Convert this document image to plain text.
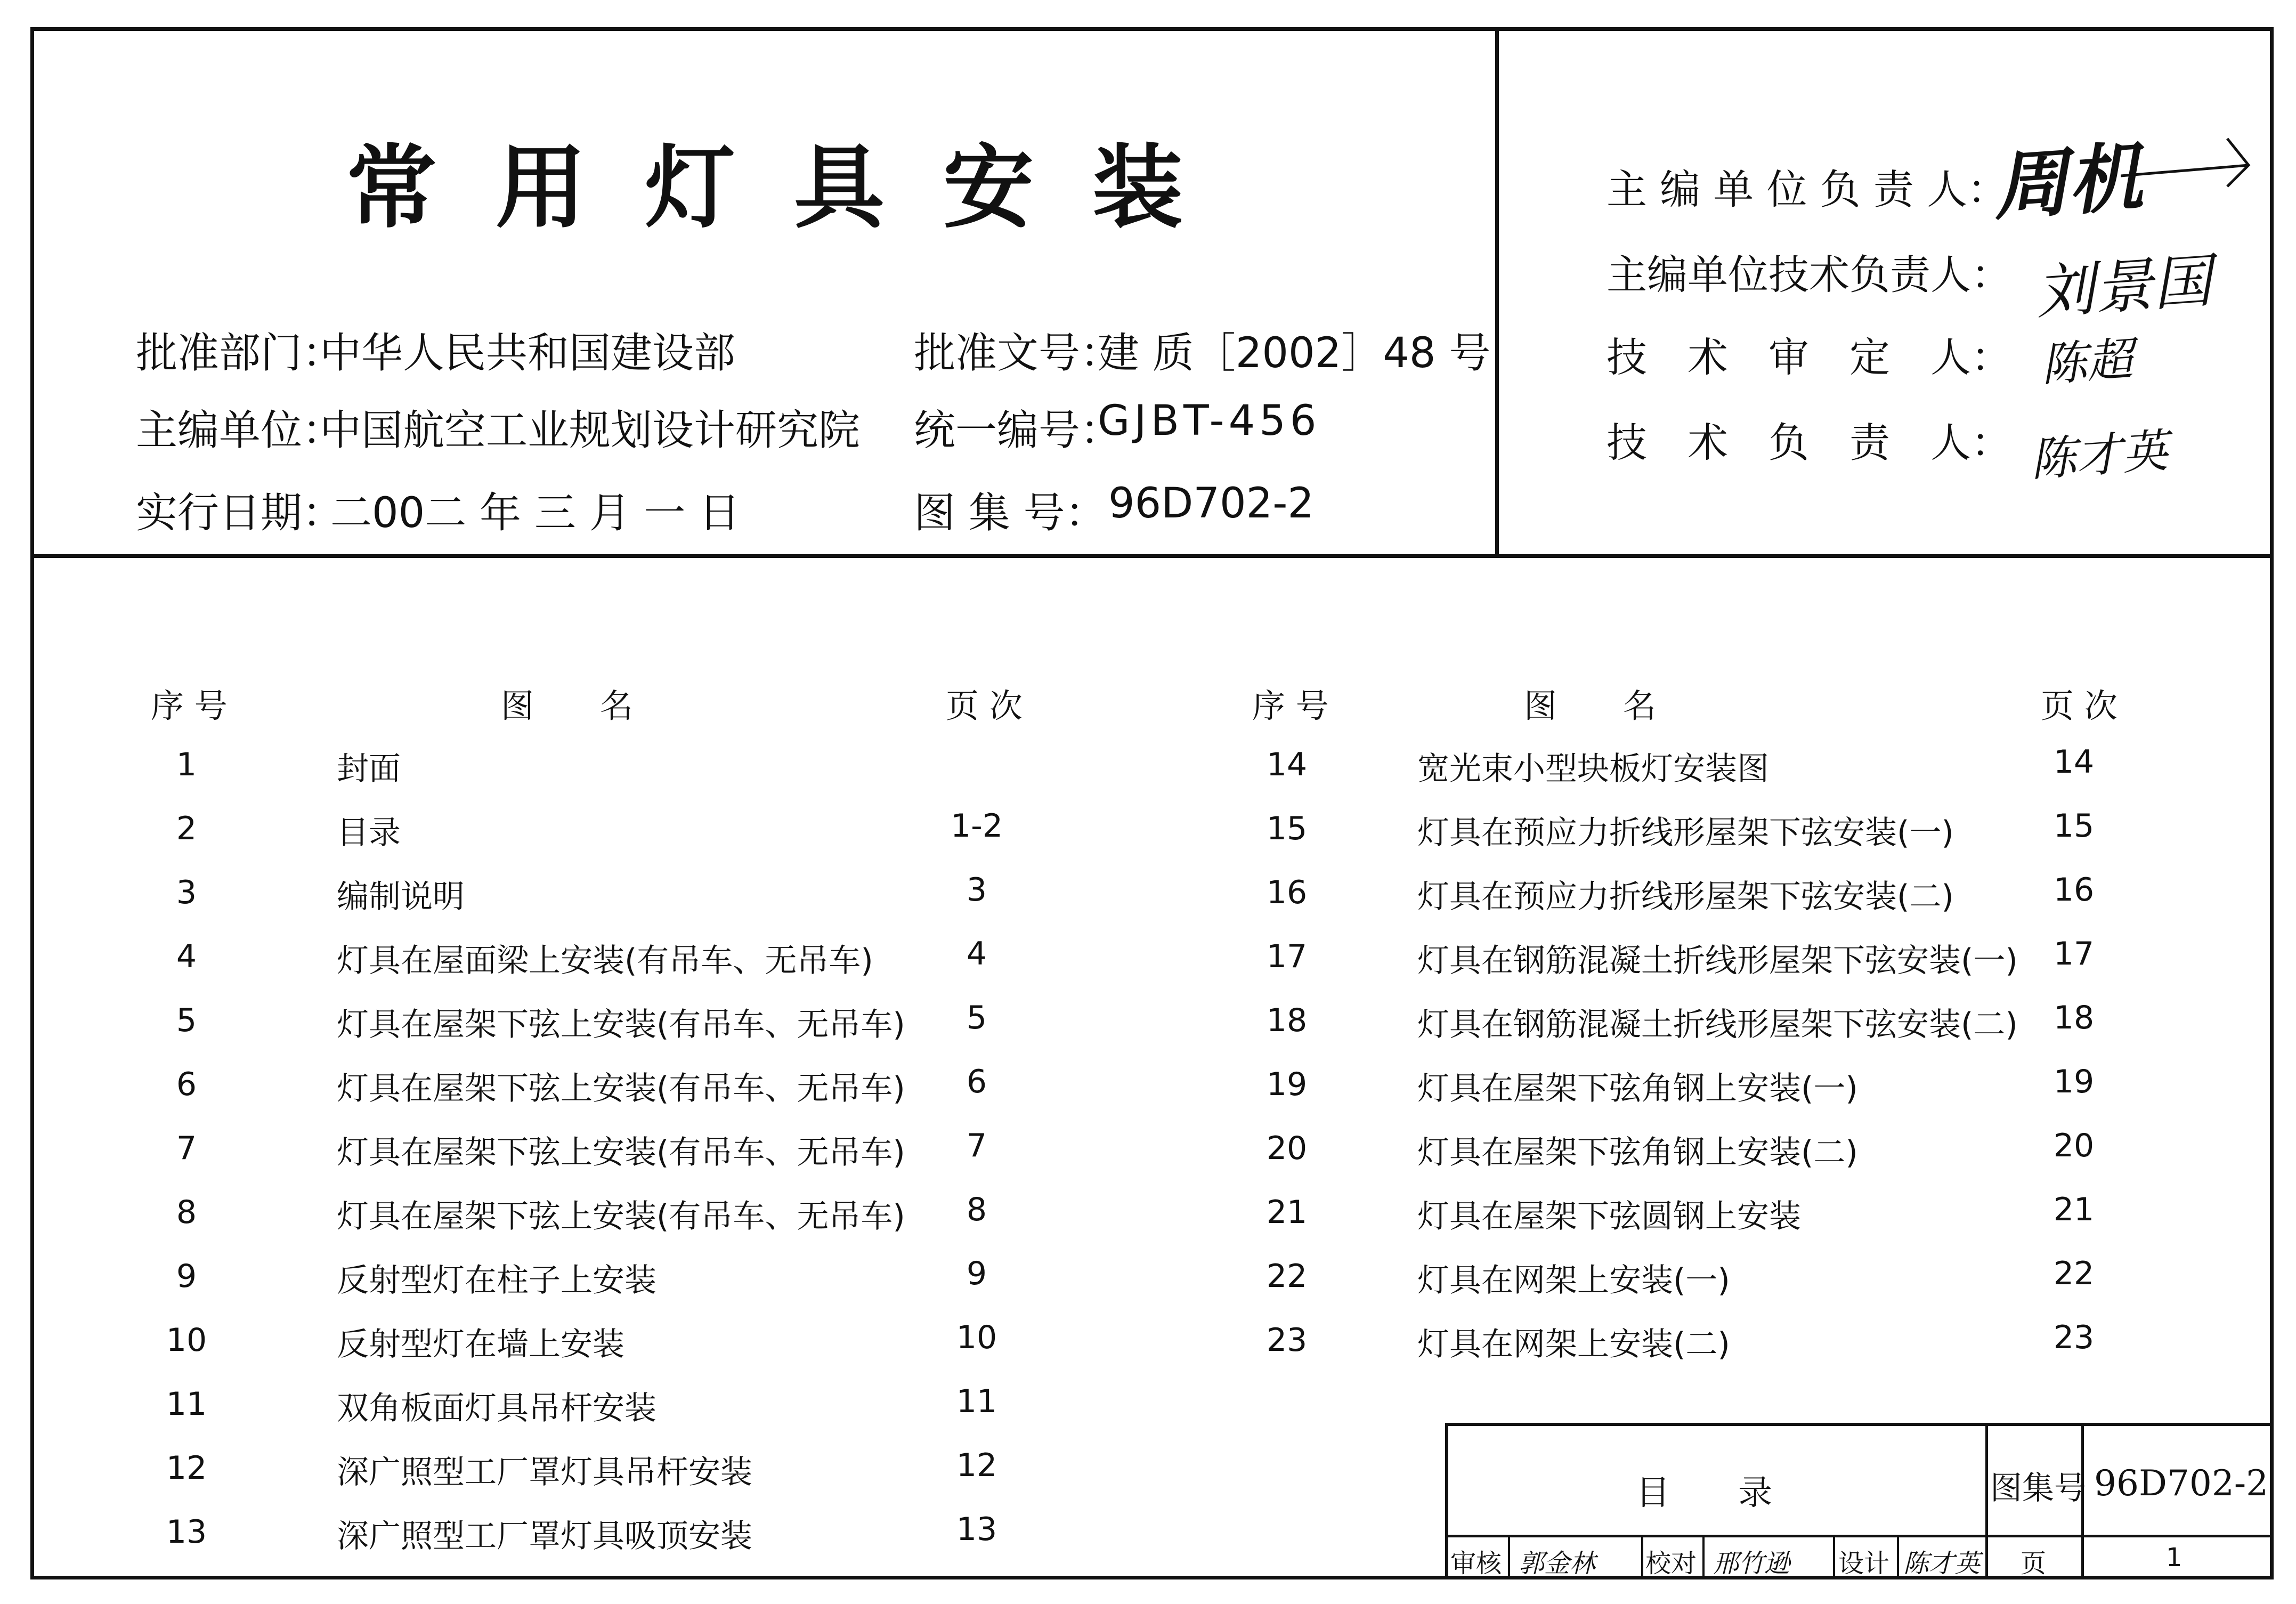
常用灯具安装
批准部门：
中华人民共和国建设部
主编单位：
中国航空工业规划设计研究院
实行日期：
二00二 年 三 月 一 日
批准文号：
建 质［2002］48 号
统一编号：
GJBT-456
图 集 号： 96D702-2
主 编 单 位 负 责 人：
周机
主编单位技术负责人： 刘景国
技　术　审　定　人： 陈超
技　术　负　责　人： 陈才英
序 号	图　　名	页 次	序 号	图　　名	页 次
1	封面
2	目录	1-2
3	编制说明	3
4	灯具在屋面梁上安装(有吊车、无吊车)	4
5	灯具在屋架下弦上安装(有吊车、无吊车)	5
6	灯具在屋架下弦上安装(有吊车、无吊车)	6
7	灯具在屋架下弦上安装(有吊车、无吊车)	7
8	灯具在屋架下弦上安装(有吊车、无吊车)	8
9	反射型灯在柱子上安装	9
10	反射型灯在墙上安装	10
11	双角板面灯具吊杆安装	11
12	深广照型工厂罩灯具吊杆安装	12
13	深广照型工厂罩灯具吸顶安装	13
14	宽光束小型块板灯安装图	14
15	灯具在预应力折线形屋架下弦安装(一)	15
16	灯具在预应力折线形屋架下弦安装(二)	16
17	灯具在钢筋混凝土折线形屋架下弦安装(一)	17
18	灯具在钢筋混凝土折线形屋架下弦安装(二)	18
19	灯具在屋架下弦角钢上安装(一)	19
20	灯具在屋架下弦角钢上安装(二)	20
21	灯具在屋架下弦圆钢上安装	21
22	灯具在网架上安装(一)	22
23	灯具在网架上安装(二)	23
目　　录	图集号 96D702-2
审核 郭金林 校对 邢竹逊 设计 陈才英 页	1
